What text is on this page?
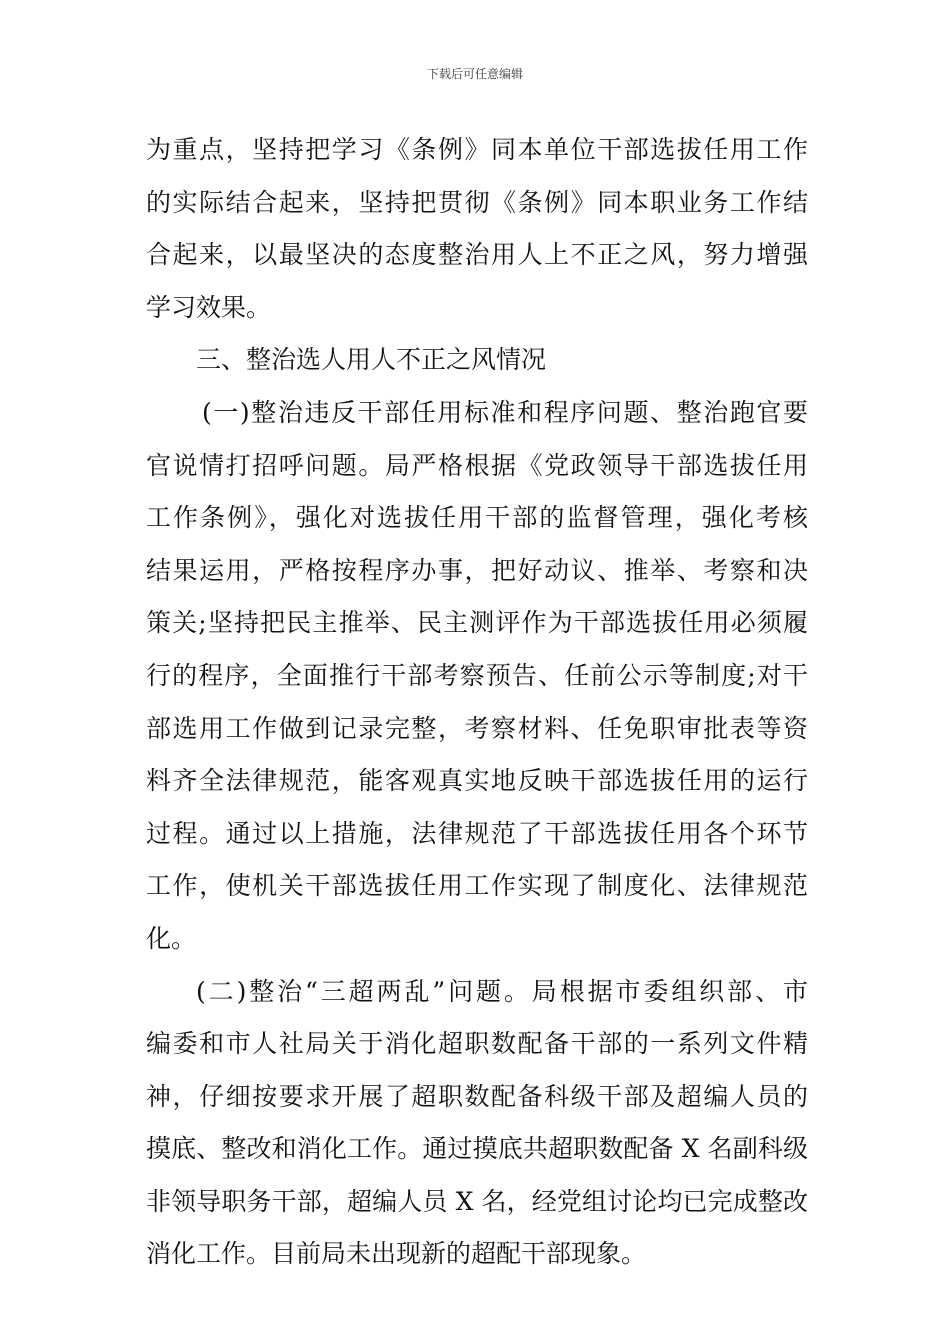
下载后可任意编辑
为重点，坚持把学习《条例》同本单位干部选拔任用工作
的实际结合起来，坚持把贯彻《条例》同本职业务工作结
合起来，以最坚决的态度整治用人上不正之风，努力增强
学习效果。
三、整治选人用人不正之风情况
(一)整治违反干部任用标准和程序问题、整治跑官要
官说情打招呼问题。局严格根据《党政领导干部选拔任用
工作条例》，强化对选拔任用干部的监督管理，强化考核
结果运用，严格按程序办事，把好动议、推举、考察和决
策关;坚持把民主推举、民主测评作为干部选拔任用必须履
行的程序，全面推行干部考察预告、任前公示等制度;对干
部选用工作做到记录完整，考察材料、任免职审批表等资
料齐全法律规范，能客观真实地反映干部选拔任用的运行
过程。通过以上措施，法律规范了干部选拔任用各个环节
工作，使机关干部选拔任用工作实现了制度化、法律规范
化。
(二)整治“三超两乱”问题。局根据市委组织部、市
编委和市人社局关于消化超职数配备干部的一系列文件精
神，仔细按要求开展了超职数配备科级干部及超编人员的
摸底、整改和消化工作。通过摸底共超职数配备 X 名副科级
非领导职务干部，超编人员 X 名，经党组讨论均已完成整改
消化工作。目前局未出现新的超配干部现象。
